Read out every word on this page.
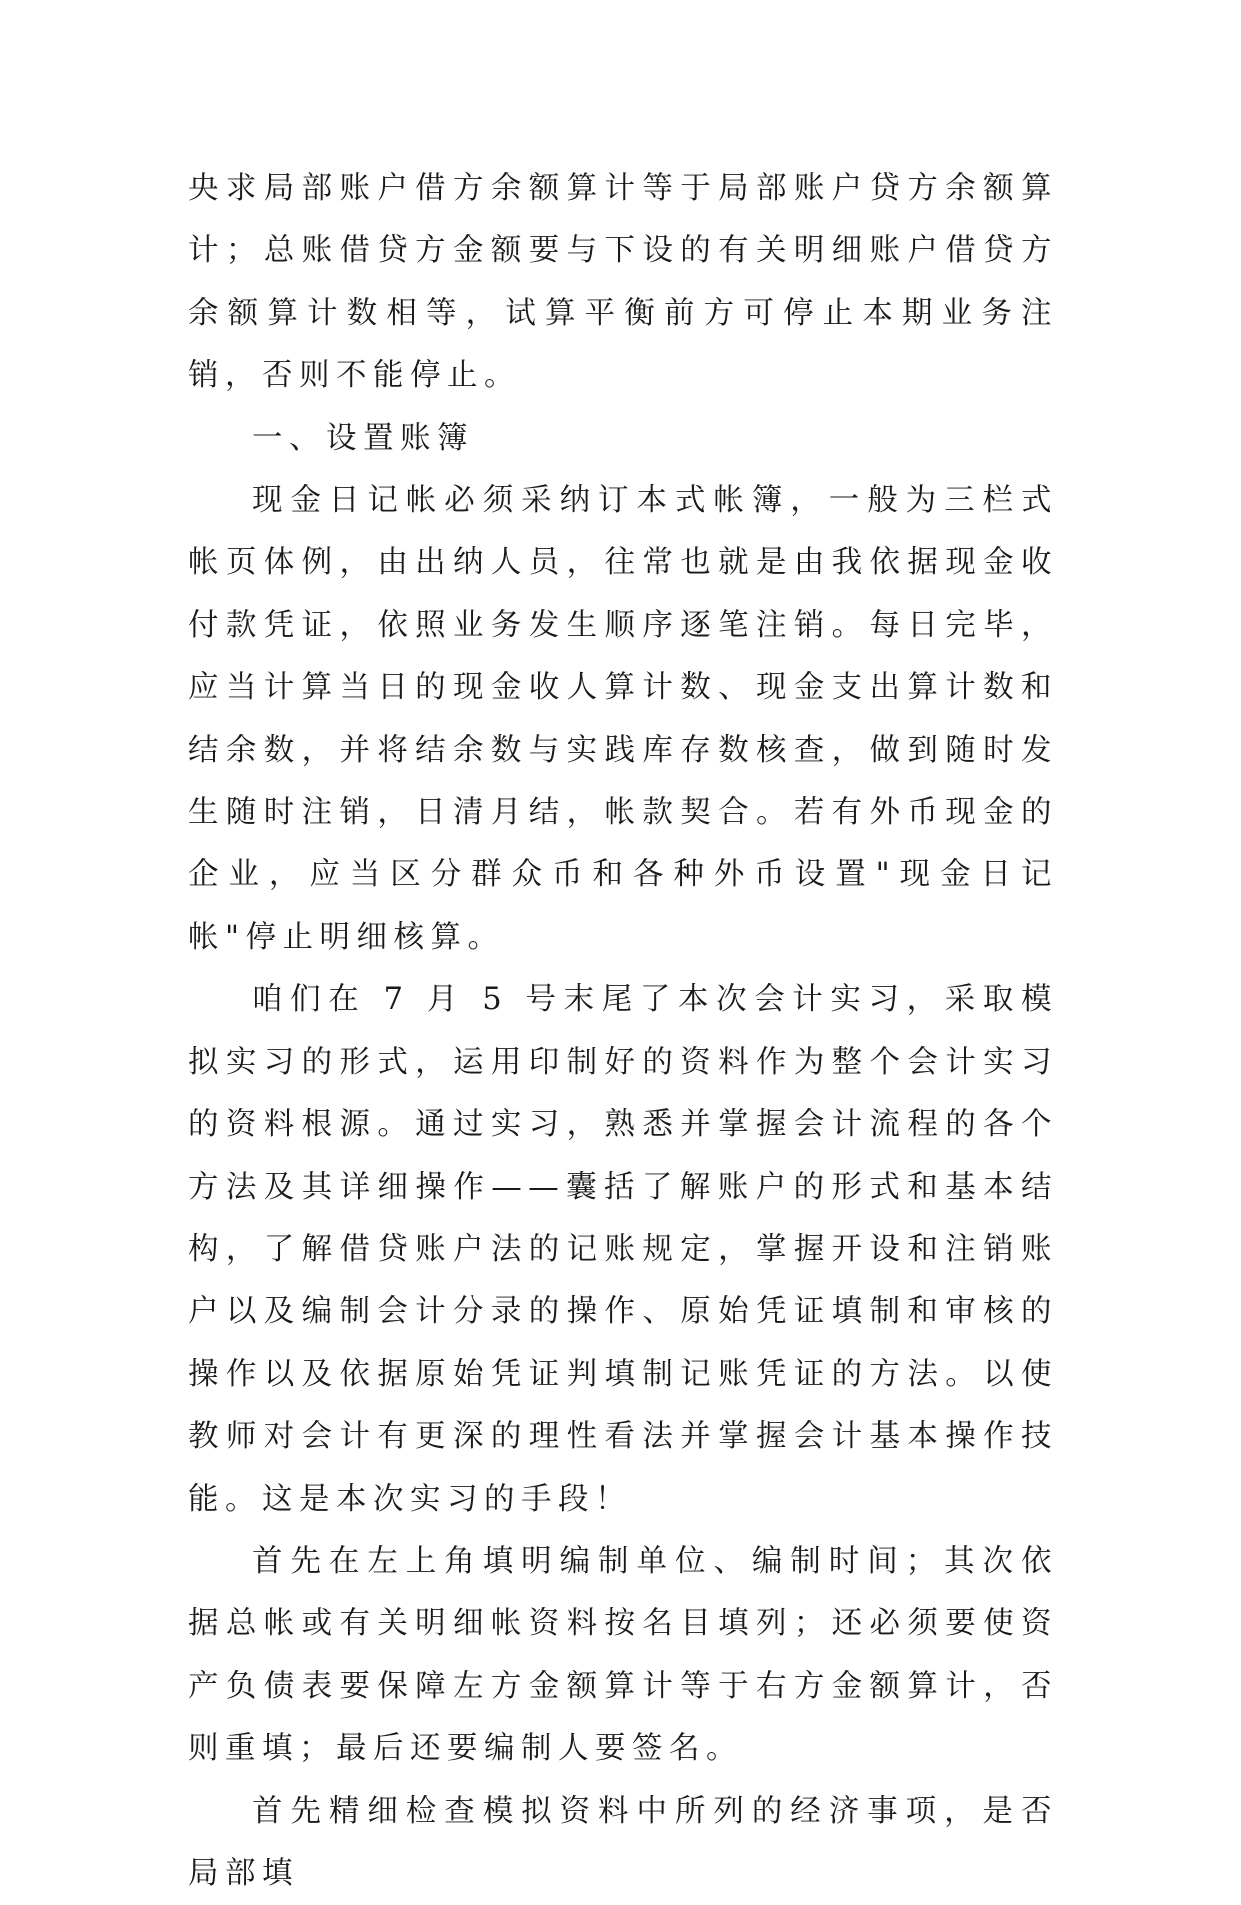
央求局部账户借方余额算计等于局部账户贷方余额算计；总账借贷方金额要与下设的有关明细账户借贷方余额算计数相等，试算平衡前方可停止本期业务注销，否则不能停止。

一、设置账簿

现金日记帐必须采纳订本式帐簿，一般为三栏式帐页体例，由出纳人员，往常也就是由我依据现金收付款凭证，依照业务发生顺序逐笔注销。每日完毕，应当计算当日的现金收人算计数、现金支出算计数和结余数，并将结余数与实践库存数核查，做到随时发生随时注销，日清月结，帐款契合。若有外币现金的企业，应当区分群众币和各种外币设置"现金日记帐"停止明细核算。

咱们在 7 月 5 号末尾了本次会计实习，采取模拟实习的形式，运用印制好的资料作为整个会计实习的资料根源。通过实习，熟悉并掌握会计流程的各个方法及其详细操作——囊括了解账户的形式和基本结构，了解借贷账户法的记账规定，掌握开设和注销账户以及编制会计分录的操作、原始凭证填制和审核的操作以及依据原始凭证判填制记账凭证的方法。以使教师对会计有更深的理性看法并掌握会计基本操作技能。这是本次实习的手段！

首先在左上角填明编制单位、编制时间；其次依据总帐或有关明细帐资料按名目填列；还必须要使资产负债表要保障左方金额算计等于右方金额算计，否则重填；最后还要编制人要签名。

首先精细检查模拟资料中所列的经济事项，是否局部填
